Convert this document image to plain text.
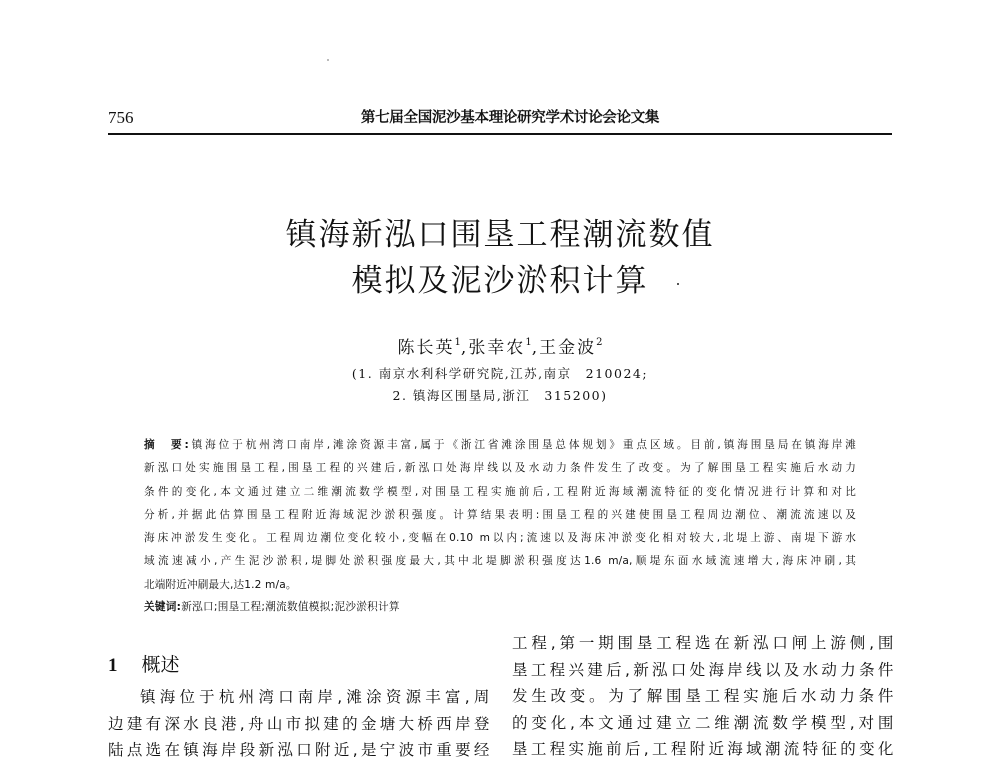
756	第七届全国泥沙基本理论研究学术讨论会论文集
镇海新泓口围垦工程潮流数值
模拟及泥沙淤积计算
陈长英$^1$,张幸农$^1$,王金波$^2$
(1. 南京水利科学研究院,江苏,南京　210024;
2. 镇海区围垦局,浙江　315200)
摘　要:镇海位于杭州湾口南岸,滩涂资源丰富,属于《浙江省滩涂围垦总体规划》重点区域。目前,镇海围垦局在镇海岸滩
新泓口处实施围垦工程,围垦工程的兴建后,新泓口处海岸线以及水动力条件发生了改变。为了解围垦工程实施后水动力
条件的变化,本文通过建立二维潮流数学模型,对围垦工程实施前后,工程附近海域潮流特征的变化情况进行计算和对比
分析,并据此估算围垦工程附近海域泥沙淤积强度。计算结果表明:围垦工程的兴建使围垦工程周边潮位、潮流流速以及
海床冲淤发生变化。工程周边潮位变化较小,变幅在0.10 m以内;流速以及海床冲淤变化相对较大,北堤上游、南堤下游水
域流速减小,产生泥沙淤积,堤脚处淤积强度最大,其中北堤脚淤积强度达1.6 m/a,顺堤东面水域流速增大,海床冲刷,其
北端附近冲刷最大,达1.2 m/a。
关键词:新泓口;围垦工程;潮流数值模拟;泥沙淤积计算
1 概述
镇海位于杭州湾口南岸,滩涂资源丰富,周
边建有深水良港,舟山市拟建的金塘大桥西岸登
陆点选在镇海岸段新泓口附近,是宁波市重要经
工程,第一期围垦工程选在新泓口闸上游侧,围
垦工程兴建后,新泓口处海岸线以及水动力条件
发生改变。为了解围垦工程实施后水动力条件
的变化,本文通过建立二维潮流数学模型,对围
垦工程实施前后,工程附近海域潮流特征的变化
